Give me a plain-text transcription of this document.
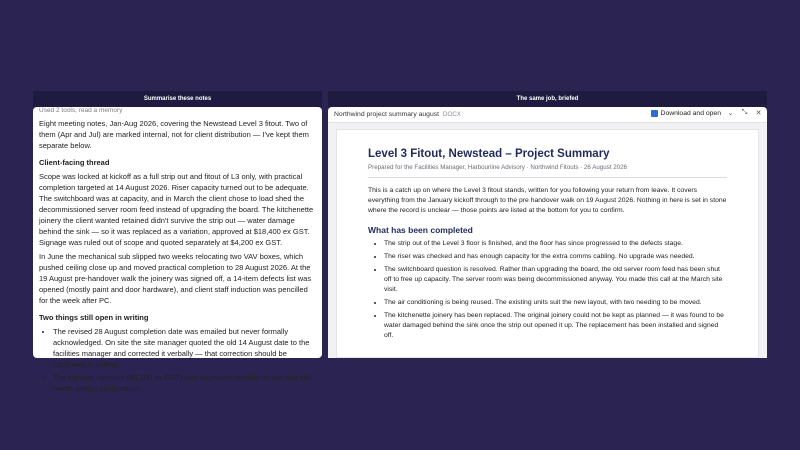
Summarise these notes	The same job, briefed
Used 2 tools, read a memory
Eight meeting notes, Jan-Aug 2026, covering the Newstead Level 3 fitout. Two of them (Apr and Jul) are marked internal, not for client distribution — I've kept them separate below.
Client-facing thread
Scope was locked at kickoff as a full strip out and fitout of L3 only, with practical completion targeted at 14 August 2026. Riser capacity turned out to be adequate. The switchboard was at capacity, and in March the client chose to load shed the decommissioned server room feed instead of upgrading the board. The kitchenette joinery the client wanted retained didn't survive the strip out — water damage behind the sink — so it was replaced as a variation, approved at $18,400 ex GST. Signage was ruled out of scope and quoted separately at $4,200 ex GST.
In June the mechanical sub slipped two weeks relocating two VAV boxes, which pushed ceiling close up and moved practical completion to 28 August 2026. At the 19 August pre-handover walk the joinery was signed off, a 14-item defects list was opened (mostly paint and door hardware), and client staff induction was pencilled for the week after PC.
Two things still open in writing
• The revised 28 August completion date was emailed but never formally acknowledged. On site the site manager quoted the old 14 August date to the facilities manager and corrected it verbally — that correction should be confirmed in writing.
• The signage variation ($4,200 ex GST) was approved verbally on site and still needs written confirmation.
Northwind project summary august DOCX	Download and open ⌄ ⤡ ✕
Level 3 Fitout, Newstead – Project Summary
Prepared for the Facilities Manager, Harbourline Advisory · Northwind Fitouts · 26 August 2026
This is a catch up on where the Level 3 fitout stands, written for you following your return from leave. It covers everything from the January kickoff through to the pre handover walk on 19 August 2026. Nothing in here is set in stone where the record is unclear — those points are listed at the bottom for you to confirm.
What has been completed
• The strip out of the Level 3 floor is finished, and the floor has since progressed to the defects stage.
• The riser was checked and has enough capacity for the extra comms cabling. No upgrade was needed.
• The switchboard question is resolved. Rather than upgrading the board, the old server room feed has been shut off to free up capacity. The server room was being decommissioned anyway. You made this call at the March site visit.
• The air conditioning is being reused. The existing units suit the new layout, with two needing to be moved.
• The kitchenette joinery has been replaced. The original joinery could not be kept as planned — it was found to be water damaged behind the sink once the strip out opened it up. The replacement has been installed and signed off.
